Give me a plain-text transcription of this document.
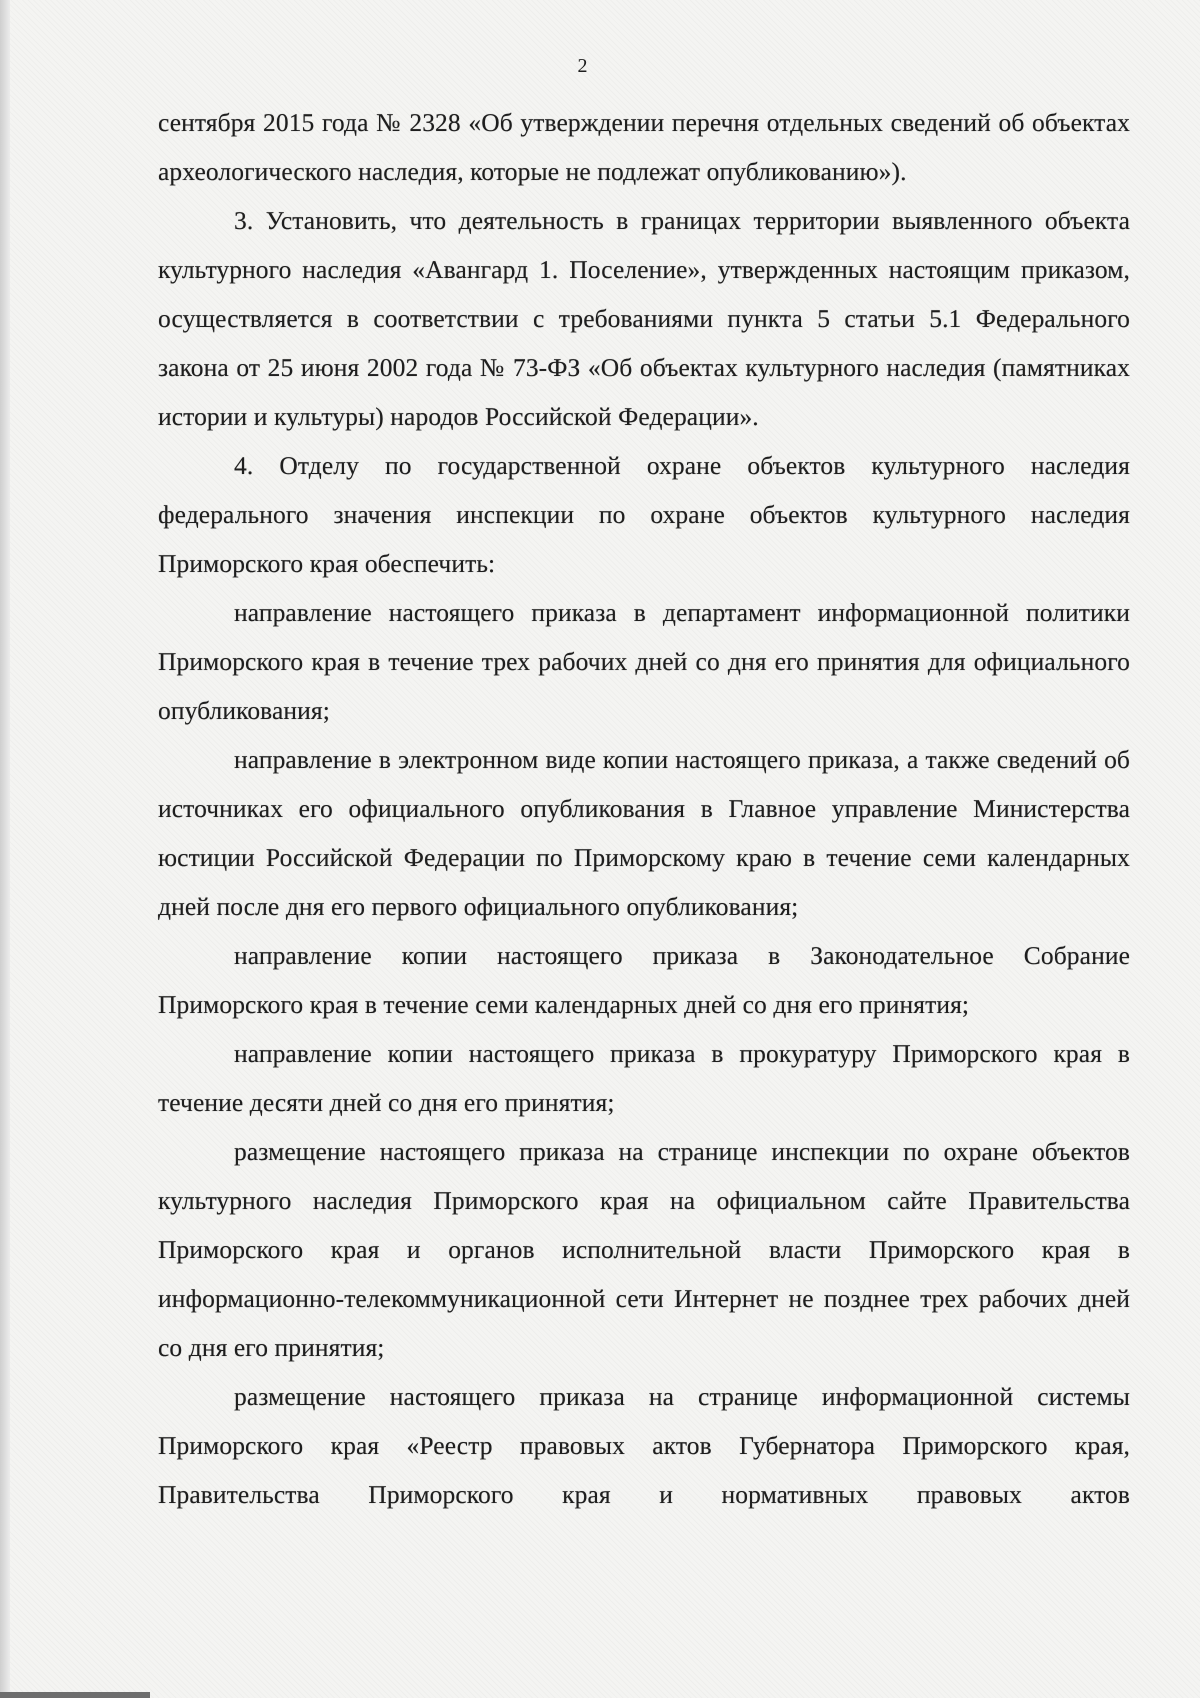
2

сентября 2015 года № 2328 «Об утверждении перечня отдельных сведений об объектах археологического наследия, которые не подлежат опубликованию»).

3. Установить, что деятельность в границах территории выявленного объекта культурного наследия «Авангард 1. Поселение», утвержденных настоящим приказом, осуществляется в соответствии с требованиями пункта 5 статьи 5.1 Федерального закона от 25 июня 2002 года № 73-ФЗ «Об объектах культурного наследия (памятниках истории и культуры) народов Российской Федерации».

4. Отделу по государственной охране объектов культурного наследия федерального значения инспекции по охране объектов культурного наследия Приморского края обеспечить:

направление настоящего приказа в департамент информационной политики Приморского края в течение трех рабочих дней со дня его принятия для официального опубликования;

направление в электронном виде копии настоящего приказа, а также сведений об источниках его официального опубликования в Главное управление Министерства юстиции Российской Федерации по Приморскому краю в течение семи календарных дней после дня его первого официального опубликования;

направление копии настоящего приказа в Законодательное Собрание Приморского края в течение семи календарных дней со дня его принятия;

направление копии настоящего приказа в прокуратуру Приморского края в течение десяти дней со дня его принятия;

размещение настоящего приказа на странице инспекции по охране объектов культурного наследия Приморского края на официальном сайте Правительства Приморского края и органов исполнительной власти Приморского края в информационно-телекоммуникационной сети Интернет не позднее трех рабочих дней со дня его принятия;

размещение настоящего приказа на странице информационной системы Приморского края «Реестр правовых актов Губернатора Приморского края, Правительства Приморского края и нормативных правовых актов
